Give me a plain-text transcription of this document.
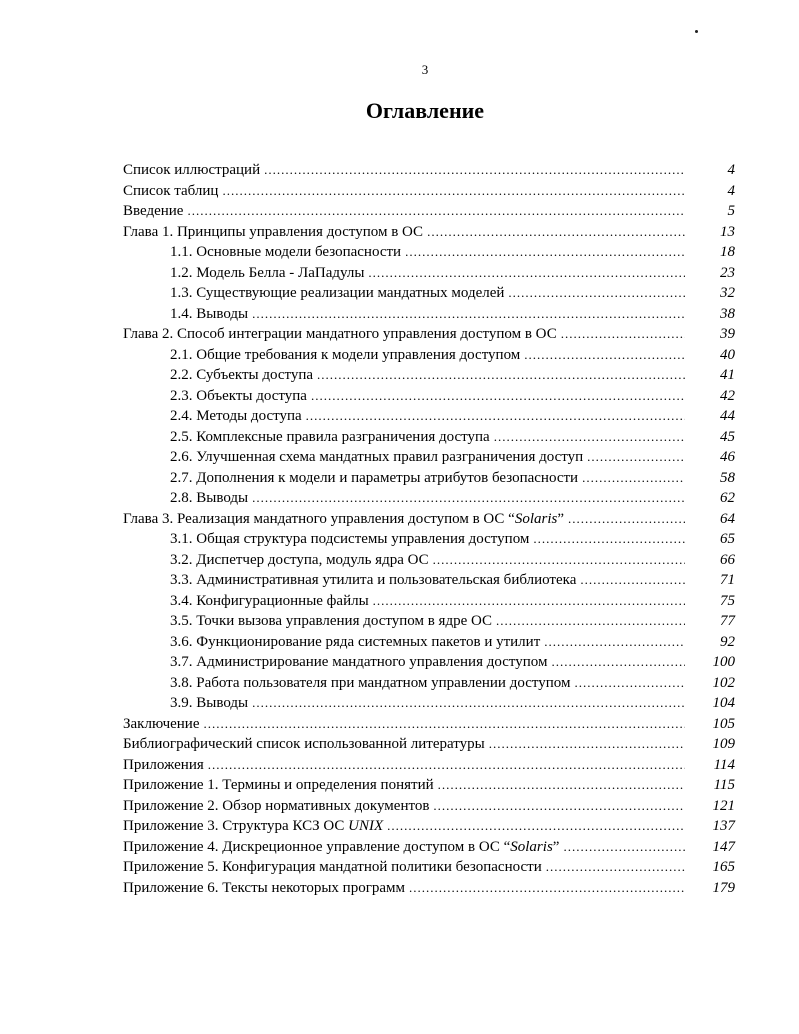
3
Оглавление
Список иллюстраций .....	4
Список таблиц .....	4
Введение .....	5
Глава 1. Принципы управления доступом в ОС .....	13
1.1. Основные модели безопасности .....	18
1.2. Модель Белла - ЛаПадулы .....	23
1.3. Существующие реализации мандатных моделей .....	32
1.4. Выводы .....	38
Глава 2. Способ интеграции мандатного управления доступом в ОС .....	39
2.1. Общие требования к модели управления доступом .....	40
2.2. Субъекты доступа .....	41
2.3. Объекты доступа .....	42
2.4. Методы доступа .....	44
2.5. Комплексные правила разграничения доступа .....	45
2.6. Улучшенная схема мандатных правил разграничения доступ .....	46
2.7. Дополнения к модели и параметры атрибутов безопасности .....	58
2.8. Выводы .....	62
Глава 3. Реализация мандатного управления доступом в ОС “Solaris” .....	64
3.1. Общая структура подсистемы управления доступом .....	65
3.2. Диспетчер доступа, модуль ядра ОС .....	66
3.3. Административная утилита и пользовательская библиотека .....	71
3.4. Конфигурационные файлы .....	75
3.5. Точки вызова управления доступом в ядре ОС .....	77
3.6. Функционирование ряда системных пакетов и утилит .....	92
3.7. Администрирование мандатного управления доступом .....	100
3.8. Работа пользователя при мандатном управлении доступом .....	102
3.9. Выводы .....	104
Заключение .....	105
Библиографический список использованной литературы .....	109
Приложения .....	114
Приложение 1. Термины и определения понятий .....	115
Приложение 2. Обзор нормативных документов .....	121
Приложение 3. Структура КСЗ ОС UNIX .....	137
Приложение 4. Дискреционное управление доступом в ОС “Solaris” .....	147
Приложение 5. Конфигурация мандатной политики безопасности .....	165
Приложение 6. Тексты некоторых программ .....	179
